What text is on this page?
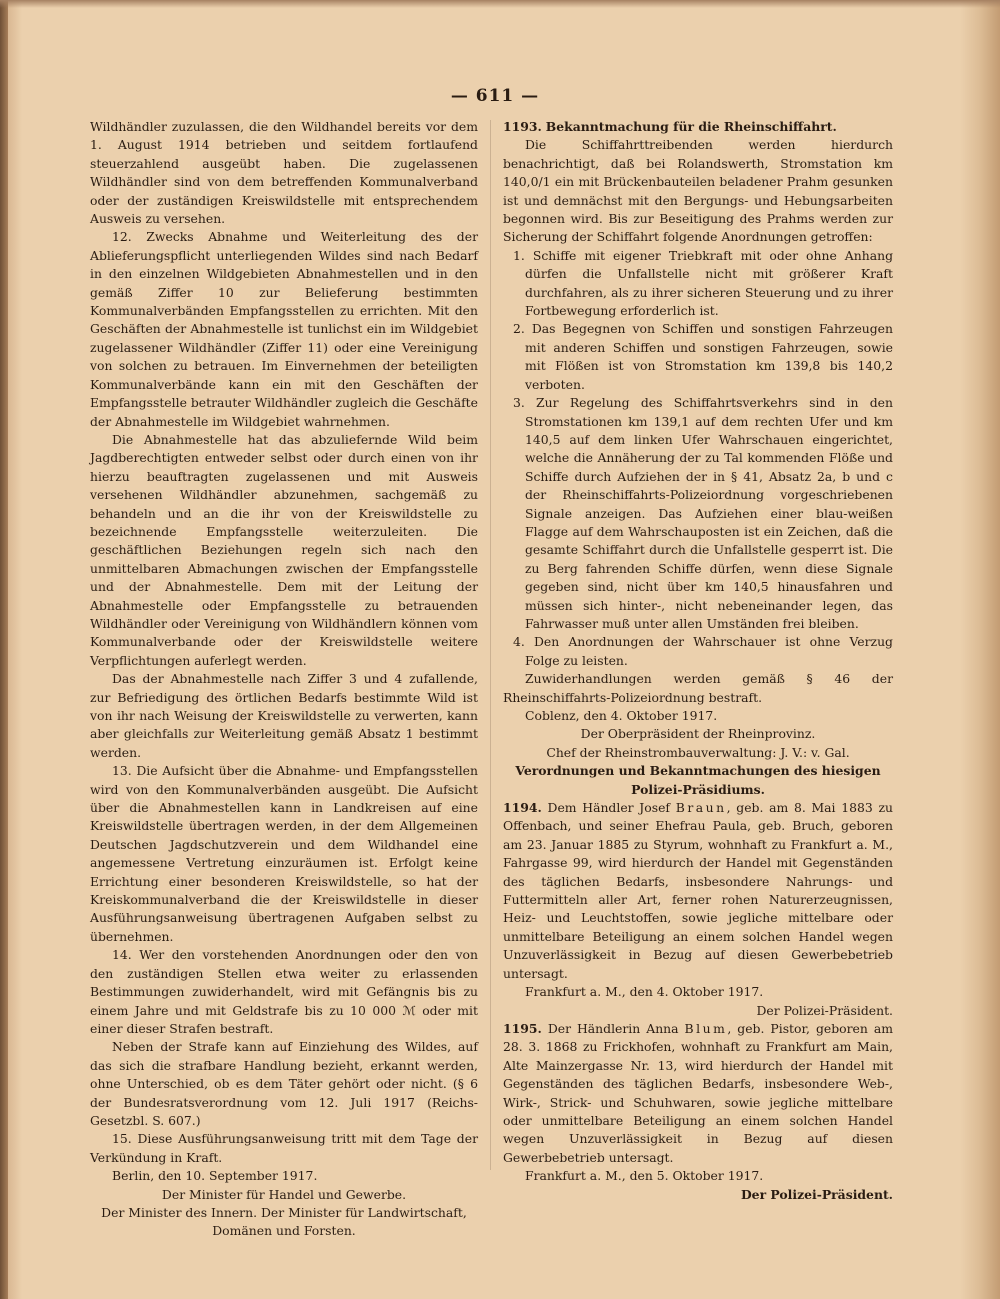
— 611 —

Wildhändler zuzulassen, die den Wildhandel bereits vor dem 1. August 1914 betrieben und seitdem fortlaufend steuerzahlend ausgeübt haben. Die zugelassenen Wildhändler sind von dem betreffenden Kommunalverband oder der zuständigen Kreiswildstelle mit entsprechendem Ausweis zu versehen.

12. Zwecks Abnahme und Weiterleitung des der Ablieferungspflicht unterliegenden Wildes sind nach Bedarf in den einzelnen Wildgebieten Abnahmestellen und in den gemäß Ziffer 10 zur Belieferung bestimmten Kommunalverbänden Empfangsstellen zu errichten. Mit den Geschäften der Abnahmestelle ist tunlichst ein im Wildgebiet zugelassener Wildhändler (Ziffer 11) oder eine Vereinigung von solchen zu betrauen. Im Einvernehmen der beteiligten Kommunalverbände kann ein mit den Geschäften der Empfangsstelle betrauter Wildhändler zugleich die Geschäfte der Abnahmestelle im Wildgebiet wahrnehmen.

Die Abnahmestelle hat das abzuliefernde Wild beim Jagdberechtigten entweder selbst oder durch einen von ihr hierzu beauftragten zugelassenen und mit Ausweis versehenen Wildhändler abzunehmen, sachgemäß zu behandeln und an die ihr von der Kreiswildstelle zu bezeichnende Empfangsstelle weiterzuleiten. Die geschäftlichen Beziehungen regeln sich nach den unmittelbaren Abmachungen zwischen der Empfangsstelle und der Abnahmestelle. Dem mit der Leitung der Abnahmestelle oder Empfangsstelle zu betrauenden Wildhändler oder Vereinigung von Wildhändlern können vom Kommunalverbande oder der Kreiswildstelle weitere Verpflichtungen auferlegt werden.

Das der Abnahmestelle nach Ziffer 3 und 4 zufallende, zur Befriedigung des örtlichen Bedarfs bestimmte Wild ist von ihr nach Weisung der Kreiswildstelle zu verwerten, kann aber gleichfalls zur Weiterleitung gemäß Absatz 1 bestimmt werden.

13. Die Aufsicht über die Abnahme- und Empfangsstellen wird von den Kommunalverbänden ausgeübt. Die Aufsicht über die Abnahmestellen kann in Landkreisen auf eine Kreiswildstelle übertragen werden, in der dem Allgemeinen Deutschen Jagdschutzverein und dem Wildhandel eine angemessene Vertretung einzuräumen ist. Erfolgt keine Errichtung einer besonderen Kreiswildstelle, so hat der Kreiskommunalverband die der Kreiswildstelle in dieser Ausführungsanweisung übertragenen Aufgaben selbst zu übernehmen.

14. Wer den vorstehenden Anordnungen oder den von den zuständigen Stellen etwa weiter zu erlassenden Bestimmungen zuwiderhandelt, wird mit Gefängnis bis zu einem Jahre und mit Geldstrafe bis zu 10 000 ℳ oder mit einer dieser Strafen bestraft.

Neben der Strafe kann auf Einziehung des Wildes, auf das sich die strafbare Handlung bezieht, erkannt werden, ohne Unterschied, ob es dem Täter gehört oder nicht. (§ 6 der Bundesratsverordnung vom 12. Juli 1917 (Reichs-Gesetzbl. S. 607.)

15. Diese Ausführungsanweisung tritt mit dem Tage der Verkündung in Kraft.

Berlin, den 10. September 1917.

Der Minister für Handel und Gewerbe.

Der Minister des Innern. Der Minister für Landwirtschaft, Domänen und Forsten.

1193. Bekanntmachung für die Rheinschiffahrt.

Die Schiffahrttreibenden werden hierdurch benachrichtigt, daß bei Rolandswerth, Stromstation km 140,0/1 ein mit Brückenbauteilen beladener Prahm gesunken ist und demnächst mit den Bergungs- und Hebungsarbeiten begonnen wird. Bis zur Beseitigung des Prahms werden zur Sicherung der Schiffahrt folgende Anordnungen getroffen:

1. Schiffe mit eigener Triebkraft mit oder ohne Anhang dürfen die Unfallstelle nicht mit größerer Kraft durchfahren, als zu ihrer sicheren Steuerung und zu ihrer Fortbewegung erforderlich ist.

2. Das Begegnen von Schiffen und sonstigen Fahrzeugen mit anderen Schiffen und sonstigen Fahrzeugen, sowie mit Flößen ist von Stromstation km 139,8 bis 140,2 verboten.

3. Zur Regelung des Schiffahrtsverkehrs sind in den Stromstationen km 139,1 auf dem rechten Ufer und km 140,5 auf dem linken Ufer Wahrschauen eingerichtet, welche die Annäherung der zu Tal kommenden Flöße und Schiffe durch Aufziehen der in § 41, Absatz 2a, b und c der Rheinschiffahrts-Polizeiordnung vorgeschriebenen Signale anzeigen. Das Aufziehen einer blau-weißen Flagge auf dem Wahrschauposten ist ein Zeichen, daß die gesamte Schiffahrt durch die Unfallstelle gesperrt ist. Die zu Berg fahrenden Schiffe dürfen, wenn diese Signale gegeben sind, nicht über km 140,5 hinausfahren und müssen sich hinter-, nicht nebeneinander legen, das Fahrwasser muß unter allen Umständen frei bleiben.

4. Den Anordnungen der Wahrschauer ist ohne Verzug Folge zu leisten.

Zuwiderhandlungen werden gemäß § 46 der Rheinschiffahrts-Polizeiordnung bestraft.

Coblenz, den 4. Oktober 1917.

Der Oberpräsident der Rheinprovinz.

Chef der Rheinstrombauverwaltung: J. V.: v. Gal.

Verordnungen und Bekanntmachungen des hiesigen Polizei-Präsidiums.

1194. Dem Händler Josef Braun, geb. am 8. Mai 1883 zu Offenbach, und seiner Ehefrau Paula, geb. Bruch, geboren am 23. Januar 1885 zu Styrum, wohnhaft zu Frankfurt a. M., Fahrgasse 99, wird hierdurch der Handel mit Gegenständen des täglichen Bedarfs, insbesondere Nahrungs- und Futtermitteln aller Art, ferner rohen Naturerzeugnissen, Heiz- und Leuchtstoffen, sowie jegliche mittelbare oder unmittelbare Beteiligung an einem solchen Handel wegen Unzuverlässigkeit in Bezug auf diesen Gewerbebetrieb untersagt.

Frankfurt a. M., den 4. Oktober 1917.

Der Polizei-Präsident.

1195. Der Händlerin Anna Blum, geb. Pistor, geboren am 28. 3. 1868 zu Frickhofen, wohnhaft zu Frankfurt am Main, Alte Mainzergasse Nr. 13, wird hierdurch der Handel mit Gegenständen des täglichen Bedarfs, insbesondere Web-, Wirk-, Strick- und Schuhwaren, sowie jegliche mittelbare oder unmittelbare Beteiligung an einem solchen Handel wegen Unzuverlässigkeit in Bezug auf diesen Gewerbebetrieb untersagt.

Frankfurt a. M., den 5. Oktober 1917.

Der Polizei-Präsident.
